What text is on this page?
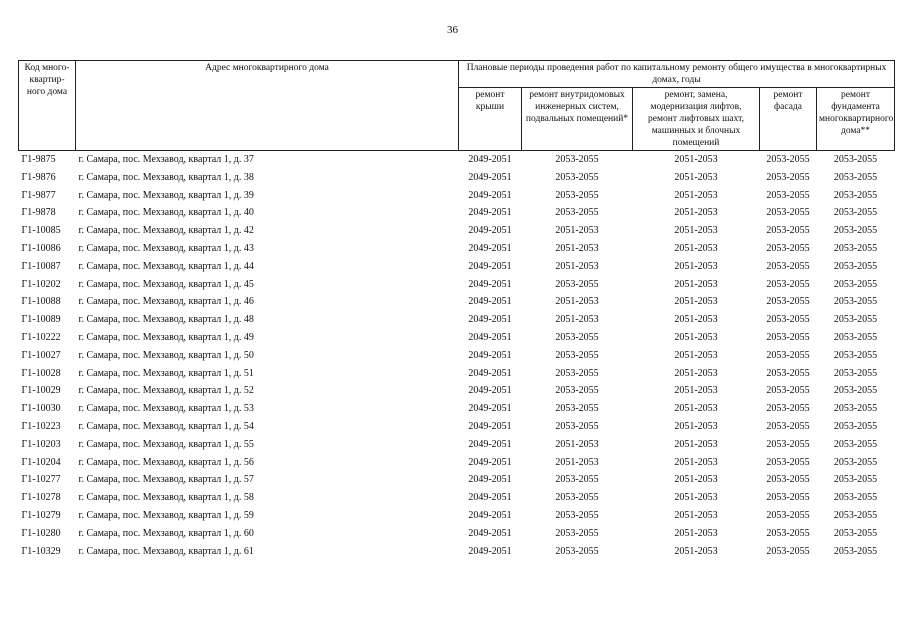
36
Код много-квартир-ного дома	Адрес многоквартирного дома	Плановые периоды проведения работ по капитальному ремонту общего имущества в многоквартирных домах, годы				
		ремонт крыши	ремонт внутридомовых инженерных систем, подвальных помещений*	ремонт, замена, модернизация лифтов, ремонт лифтовых шахт, машинных и блочных помещений	ремонт фасада	ремонт фундамента многоквартирного дома**
Г1-9875	г. Самара, пос. Мехзавод, квартал 1, д. 37	2049-2051	2053-2055	2051-2053	2053-2055	2053-2055
Г1-9876	г. Самара, пос. Мехзавод, квартал 1, д. 38	2049-2051	2053-2055	2051-2053	2053-2055	2053-2055
Г1-9877	г. Самара, пос. Мехзавод, квартал 1, д. 39	2049-2051	2053-2055	2051-2053	2053-2055	2053-2055
Г1-9878	г. Самара, пос. Мехзавод, квартал 1, д. 40	2049-2051	2053-2055	2051-2053	2053-2055	2053-2055
Г1-10085	г. Самара, пос. Мехзавод, квартал 1, д. 42	2049-2051	2051-2053	2051-2053	2053-2055	2053-2055
Г1-10086	г. Самара, пос. Мехзавод, квартал 1, д. 43	2049-2051	2051-2053	2051-2053	2053-2055	2053-2055
Г1-10087	г. Самара, пос. Мехзавод, квартал 1, д. 44	2049-2051	2051-2053	2051-2053	2053-2055	2053-2055
Г1-10202	г. Самара, пос. Мехзавод, квартал 1, д. 45	2049-2051	2053-2055	2051-2053	2053-2055	2053-2055
Г1-10088	г. Самара, пос. Мехзавод, квартал 1, д. 46	2049-2051	2051-2053	2051-2053	2053-2055	2053-2055
Г1-10089	г. Самара, пос. Мехзавод, квартал 1, д. 48	2049-2051	2051-2053	2051-2053	2053-2055	2053-2055
Г1-10222	г. Самара, пос. Мехзавод, квартал 1, д. 49	2049-2051	2053-2055	2051-2053	2053-2055	2053-2055
Г1-10027	г. Самара, пос. Мехзавод, квартал 1, д. 50	2049-2051	2053-2055	2051-2053	2053-2055	2053-2055
Г1-10028	г. Самара, пос. Мехзавод, квартал 1, д. 51	2049-2051	2053-2055	2051-2053	2053-2055	2053-2055
Г1-10029	г. Самара, пос. Мехзавод, квартал 1, д. 52	2049-2051	2053-2055	2051-2053	2053-2055	2053-2055
Г1-10030	г. Самара, пос. Мехзавод, квартал 1, д. 53	2049-2051	2053-2055	2051-2053	2053-2055	2053-2055
Г1-10223	г. Самара, пос. Мехзавод, квартал 1, д. 54	2049-2051	2053-2055	2051-2053	2053-2055	2053-2055
Г1-10203	г. Самара, пос. Мехзавод, квартал 1, д. 55	2049-2051	2051-2053	2051-2053	2053-2055	2053-2055
Г1-10204	г. Самара, пос. Мехзавод, квартал 1, д. 56	2049-2051	2051-2053	2051-2053	2053-2055	2053-2055
Г1-10277	г. Самара, пос. Мехзавод, квартал 1, д. 57	2049-2051	2053-2055	2051-2053	2053-2055	2053-2055
Г1-10278	г. Самара, пос. Мехзавод, квартал 1, д. 58	2049-2051	2053-2055	2051-2053	2053-2055	2053-2055
Г1-10279	г. Самара, пос. Мехзавод, квартал 1, д. 59	2049-2051	2053-2055	2051-2053	2053-2055	2053-2055
Г1-10280	г. Самара, пос. Мехзавод, квартал 1, д. 60	2049-2051	2053-2055	2051-2053	2053-2055	2053-2055
Г1-10329	г. Самара, пос. Мехзавод, квартал 1, д. 61	2049-2051	2053-2055	2051-2053	2053-2055	2053-2055
